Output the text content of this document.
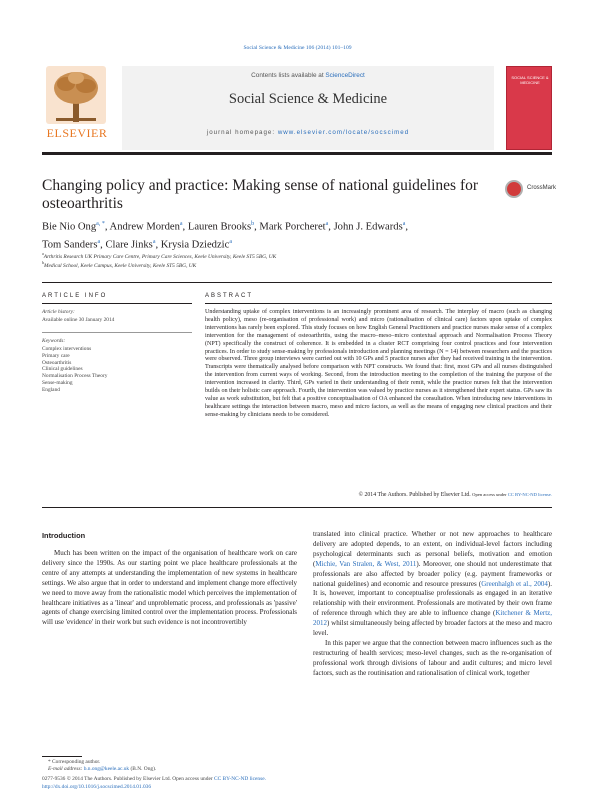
Social Science & Medicine 106 (2014) 101–109
ELSEVIER
Contents lists available at ScienceDirect
Social Science & Medicine
journal homepage: www.elsevier.com/locate/socscimed
SOCIAL SCIENCE & MEDICINE
Changing policy and practice: Making sense of national guidelines for osteoarthritis
CrossMark
Bie Nio Ong$^{a, *}$, Andrew Morden$^a$, Lauren Brooks$^b$, Mark Porcheret$^a$, John J. Edwards$^a$,
Tom Sanders$^a$, Clare Jinks$^a$, Krysia Dziedzic$^a$
$^a$Arthritis Research UK Primary Care Centre, Primary Care Sciences, Keele University, Keele ST5 5BG, UK
$^b$Medical School, Keele Campus, Keele University, Keele ST5 5BG, UK
ARTICLE INFO
Article history:
Available online 30 January 2014
Keywords:
Complex interventions
Primary care
Osteoarthritis
Clinical guidelines
Normalisation Process Theory
Sense-making
England
ABSTRACT
Understanding uptake of complex interventions is an increasingly prominent area of research. The interplay of macro (such as changing health policy), meso (re-organisation of professional work) and micro (rationalisation of clinical care) factors upon uptake of complex interventions has rarely been explored. This study focuses on how English General Practitioners and practice nurses make sense of a complex intervention for the management of osteoarthritis, using the macro–meso–micro contextual approach and Normalisation Process Theory (NPT) specifically the construct of coherence. It is embedded in a cluster RCT comprising four control practices and four intervention practices. In order to study sense-making by professionals introduction and planning meetings (N = 14) between researchers and the practices were observed. Three group interviews were carried out with 10 GPs and 5 practice nurses after they had received training in the intervention. Transcripts were thematically analysed before comparison with NPT constructs. We found that: first, most GPs and all nurses distinguished the intervention from current ways of working. Second, from the introduction meeting to the completion of the training the purpose of the intervention increased in clarity. Third, GPs varied in their understanding of their remit, while the practice nurses felt that the intervention builds on their holistic care approach. Fourth, the intervention was valued by practice nurses as it strengthened their expert status. GPs saw its value as work substitution, but felt that a positive conceptualisation of OA enhanced the consultation. When introducing new interventions in healthcare settings the interaction between macro, meso and micro factors, as well as the means of engaging new clinical practices and their sense-making by clinicians needs to be considered.
© 2014 The Authors. Published by Elsevier Ltd. Open access under CC BY-NC-ND license.
Introduction

Much has been written on the impact of the organisation of healthcare work on care delivery since the 1990s. As our starting point we place healthcare professionals at the centre of any attempts at understanding the implementation of new systems in healthcare settings. We also argue that in order to understand and implement change more effectively we need to move away from the rationalistic model which perceives the implementation of healthcare initiatives as a 'linear' and unproblematic process, and professionals as 'passive' agents of change exercising limited control over the implementation process. Professionals will use 'evidence' in their work but such evidence is not incontrovertibly

translated into clinical practice. Whether or not new approaches to healthcare delivery are adopted depends, to an extent, on individual-level factors including psychological determinants such as personal beliefs, motivation and emotion (Michie, Van Stralen, & West, 2011). Moreover, one should not underestimate that professionals are also affected by broader policy (e.g. payment frameworks or national guidelines) and economic and resource pressures (Greenhalgh et al., 2004). It is, however, important to conceptualise professionals as engaged in an iterative relationship with their environment. Professionals are motivated by their own frame of reference through which they are able to influence change (Kitchener & Mertz, 2012) whilst simultaneously being affected by broader factors at the meso and macro level.

In this paper we argue that the connection between macro influences such as the restructuring of health services; meso-level changes, such as the re-organisation of professional work through divisions of labour and audit cultures; and micro level factors, such as the routinisation and rationalisation of clinical work, together

* Corresponding author.
E-mail address: b.n.ong@keele.ac.uk (B.N. Ong).
0277-9536 © 2014 The Authors. Published by Elsevier Ltd. Open access under CC BY-NC-ND license.
http://dx.doi.org/10.1016/j.socscimed.2014.01.036
